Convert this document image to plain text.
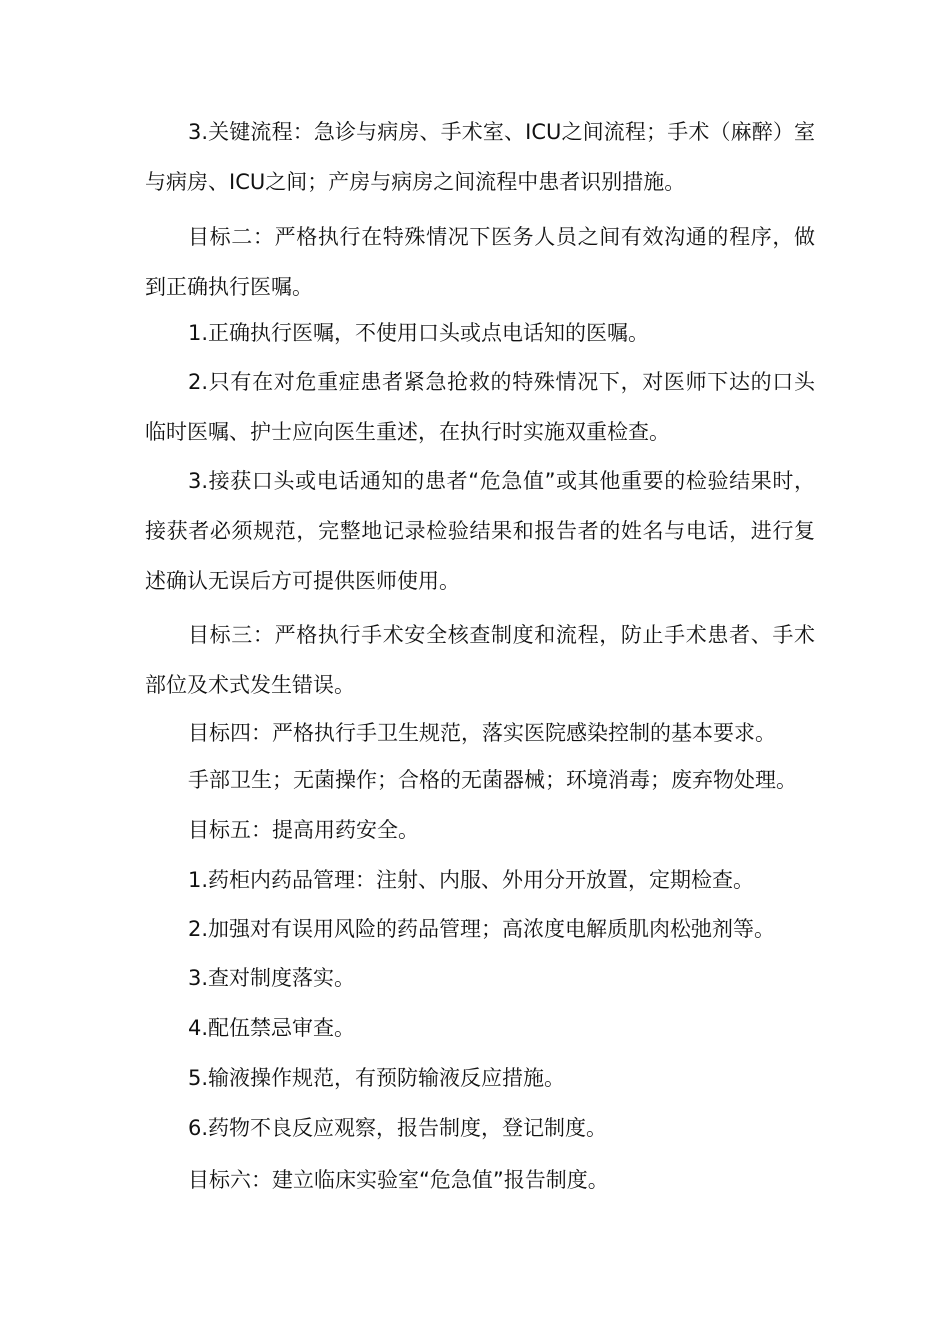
3.关键流程：急诊与病房、手术室、ICU之间流程；手术（麻醉）室与病房、ICU之间；产房与病房之间流程中患者识别措施。

目标二：严格执行在特殊情况下医务人员之间有效沟通的程序，做到正确执行医嘱。

1.正确执行医嘱，不使用口头或点电话知的医嘱。

2.只有在对危重症患者紧急抢救的特殊情况下，对医师下达的口头临时医嘱、护士应向医生重述，在执行时实施双重检查。

3.接获口头或电话通知的患者“危急值”或其他重要的检验结果时，接获者必须规范，完整地记录检验结果和报告者的姓名与电话，进行复述确认无误后方可提供医师使用。

目标三：严格执行手术安全核查制度和流程，防止手术患者、手术部位及术式发生错误。

目标四：严格执行手卫生规范，落实医院感染控制的基本要求。

手部卫生；无菌操作；合格的无菌器械；环境消毒；废弃物处理。

目标五：提高用药安全。

1.药柜内药品管理：注射、内服、外用分开放置，定期检查。

2.加强对有误用风险的药品管理；高浓度电解质肌肉松弛剂等。

3.查对制度落实。

4.配伍禁忌审查。

5.输液操作规范，有预防输液反应措施。

6.药物不良反应观察，报告制度，登记制度。

目标六：建立临床实验室“危急值”报告制度。
